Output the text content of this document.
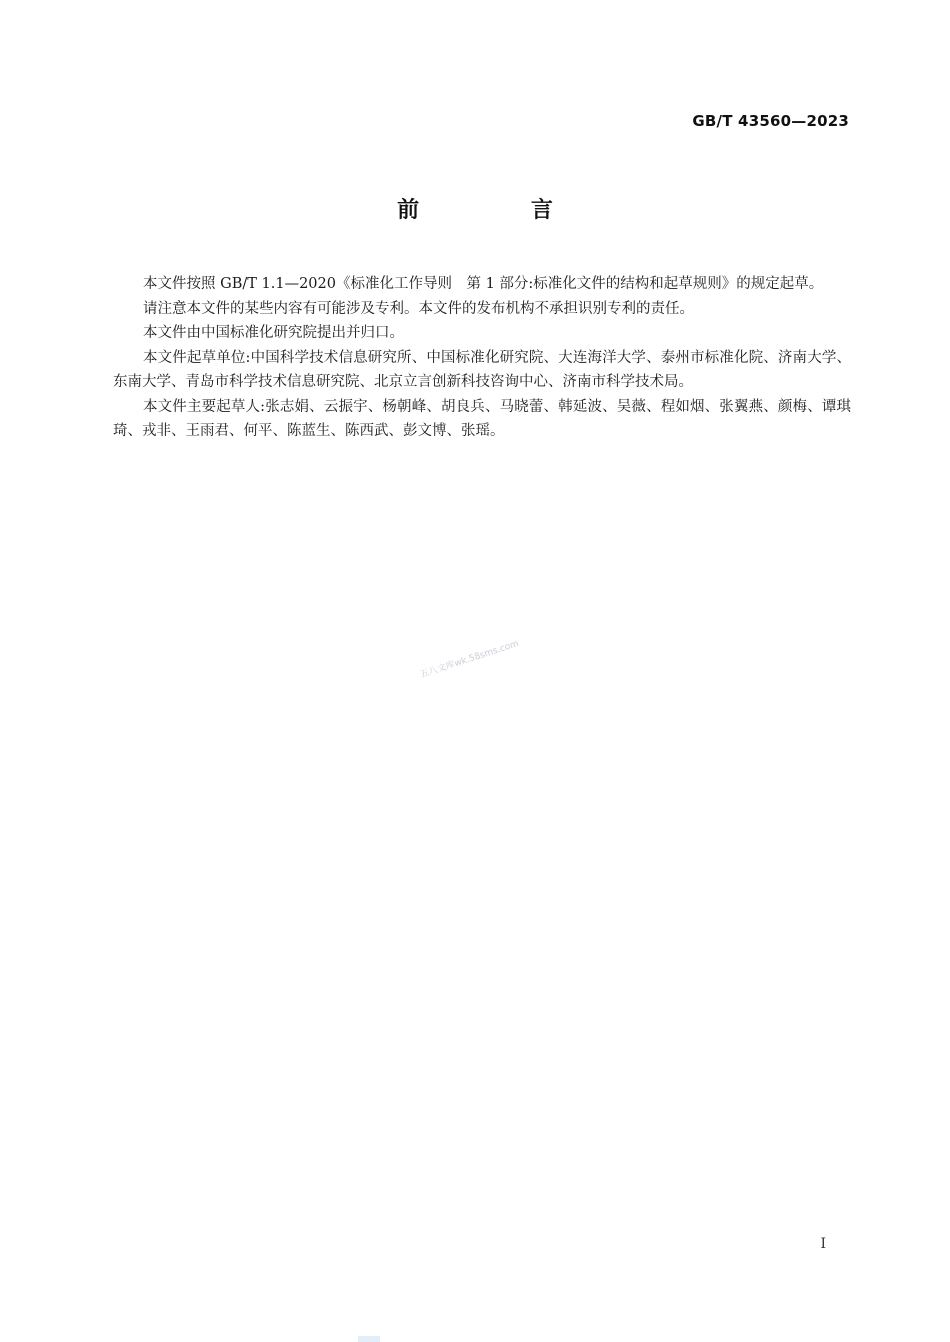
GB/T 43560—2023
前 言

本文件按照 GB/T 1.1—2020《标准化工作导则　第 1 部分:标准化文件的结构和起草规则》的规定起草。

请注意本文件的某些内容有可能涉及专利。本文件的发布机构不承担识别专利的责任。

本文件由中国标准化研究院提出并归口。

本文件起草单位:中国科学技术信息研究所、中国标准化研究院、大连海洋大学、泰州市标准化院、济南大学、东南大学、青岛市科学技术信息研究院、北京立言创新科技咨询中心、济南市科学技术局。

本文件主要起草人:张志娟、云振宇、杨朝峰、胡良兵、马晓蕾、韩延波、吴薇、程如烟、张翼燕、颜梅、谭琪琦、戎非、王雨君、何平、陈蓝生、陈西武、彭文博、张瑶。

五八文库wk.58sms.com
I
